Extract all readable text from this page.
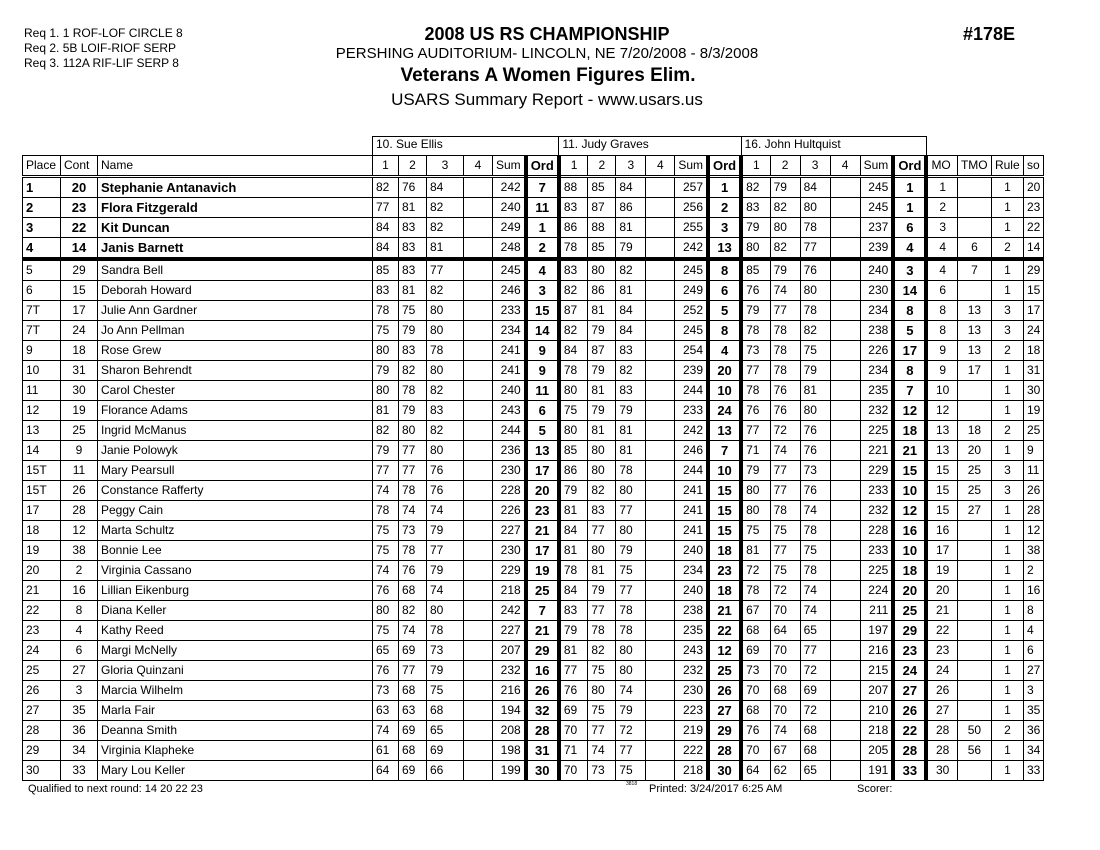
Req 1. 1 ROF-LOF CIRCLE 8
Req 2. 5B LOIF-RIOF SERP
Req 3. 112A RIF-LIF SERP 8
2008 US RS CHAMPIONSHIP
PERSHING AUDITORIUM- LINCOLN, NE 7/20/2008 - 8/3/2008
Veterans A Women Figures Elim.
USARS Summary Report - www.usars.us
#178E
			10. Sue Ellis						11. Judy Graves						16. John Hultquist									
Place	Cont	Name	1	2	3	4	Sum	Ord	1	2	3	4	Sum	Ord	1	2	3	4	Sum	Ord	MO	TMO	Rule	so
1	20	Stephanie Antanavich	82	76	84		242	7	88	85	84		257	1	82	79	84		245	1	1		1	20
2	23	Flora Fitzgerald	77	81	82		240	11	83	87	86		256	2	83	82	80		245	1	2		1	23
3	22	Kit Duncan	84	83	82		249	1	86	88	81		255	3	79	80	78		237	6	3		1	22
4	14	Janis Barnett	84	83	81		248	2	78	85	79		242	13	80	82	77		239	4	4	6	2	14
5	29	Sandra Bell	85	83	77		245	4	83	80	82		245	8	85	79	76		240	3	4	7	1	29
6	15	Deborah Howard	83	81	82		246	3	82	86	81		249	6	76	74	80		230	14	6		1	15
7T	17	Julie Ann Gardner	78	75	80		233	15	87	81	84		252	5	79	77	78		234	8	8	13	3	17
7T	24	Jo Ann Pellman	75	79	80		234	14	82	79	84		245	8	78	78	82		238	5	8	13	3	24
9	18	Rose Grew	80	83	78		241	9	84	87	83		254	4	73	78	75		226	17	9	13	2	18
10	31	Sharon Behrendt	79	82	80		241	9	78	79	82		239	20	77	78	79		234	8	9	17	1	31
11	30	Carol Chester	80	78	82		240	11	80	81	83		244	10	78	76	81		235	7	10		1	30
12	19	Florance Adams	81	79	83		243	6	75	79	79		233	24	76	76	80		232	12	12		1	19
13	25	Ingrid McManus	82	80	82		244	5	80	81	81		242	13	77	72	76		225	18	13	18	2	25
14	9	Janie Polowyk	79	77	80		236	13	85	80	81		246	7	71	74	76		221	21	13	20	1	9
15T	11	Mary Pearsull	77	77	76		230	17	86	80	78		244	10	79	77	73		229	15	15	25	3	11
15T	26	Constance Rafferty	74	78	76		228	20	79	82	80		241	15	80	77	76		233	10	15	25	3	26
17	28	Peggy Cain	78	74	74		226	23	81	83	77		241	15	80	78	74		232	12	15	27	1	28
18	12	Marta Schultz	75	73	79		227	21	84	77	80		241	15	75	75	78		228	16	16		1	12
19	38	Bonnie Lee	75	78	77		230	17	81	80	79		240	18	81	77	75		233	10	17		1	38
20	2	Virginia Cassano	74	76	79		229	19	78	81	75		234	23	72	75	78		225	18	19		1	2
21	16	Lillian Eikenburg	76	68	74		218	25	84	79	77		240	18	78	72	74		224	20	20		1	16
22	8	Diana Keller	80	82	80		242	7	83	77	78		238	21	67	70	74		211	25	21		1	8
23	4	Kathy Reed	75	74	78		227	21	79	78	78		235	22	68	64	65		197	29	22		1	4
24	6	Margi McNelly	65	69	73		207	29	81	82	80		243	12	69	70	77		216	23	23		1	6
25	27	Gloria Quinzani	76	77	79		232	16	77	75	80		232	25	73	70	72		215	24	24		1	27
26	3	Marcia Wilhelm	73	68	75		216	26	76	80	74		230	26	70	68	69		207	27	26		1	3
27	35	Marla Fair	63	63	68		194	32	69	75	79		223	27	68	70	72		210	26	27		1	35
28	36	Deanna Smith	74	69	65		208	28	70	77	72		219	29	76	74	68		218	22	28	50	2	36
29	34	Virginia Klapheke	61	68	69		198	31	71	74	77		222	28	70	67	68		205	28	28	56	1	34
30	33	Mary Lou Keller	64	69	66		199	30	70	73	75		218	30	64	62	65		191	33	30		1	33
Qualified to next round: 14 20 22 23	3818 Printed: 3/24/2017 6:25 AM	Scorer:
